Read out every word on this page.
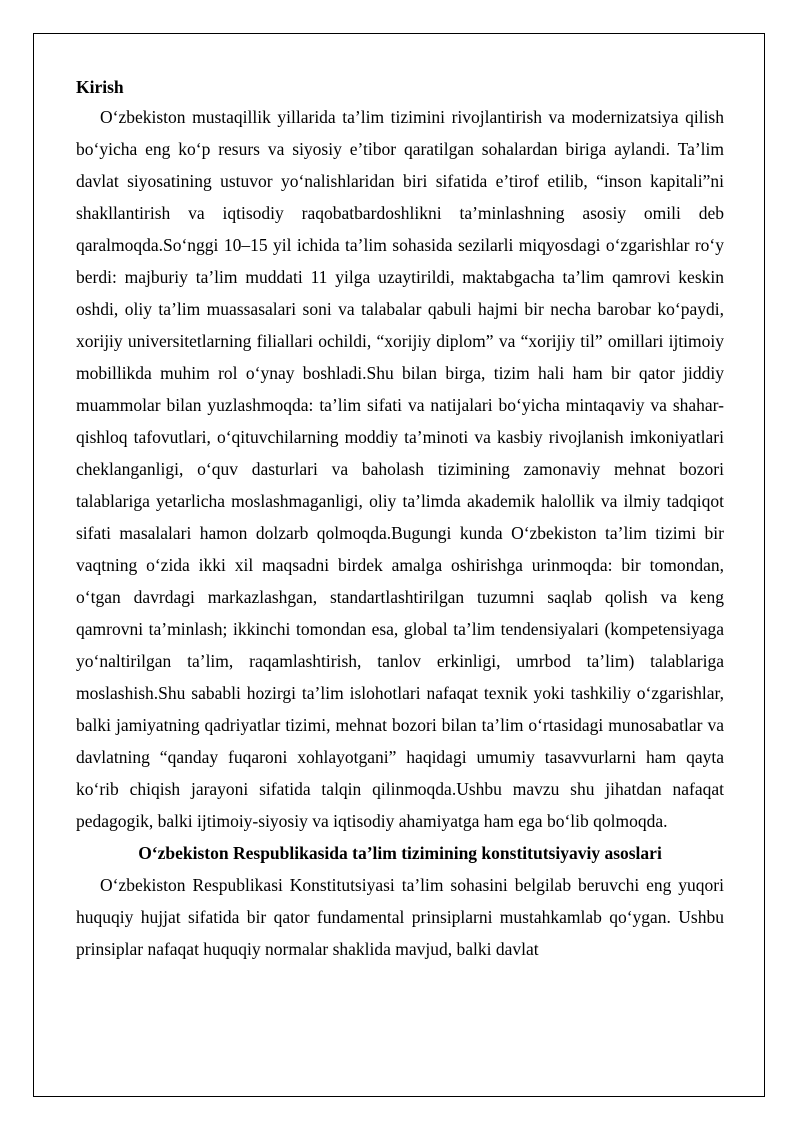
Kirish

O‘zbekiston mustaqillik yillarida ta’lim tizimini rivojlantirish va modernizatsiya qilish bo‘yicha eng ko‘p resurs va siyosiy e’tibor qaratilgan sohalardan biriga aylandi. Ta’lim davlat siyosatining ustuvor yo‘nalishlaridan biri sifatida e’tirof etilib, “inson kapitali”ni shakllantirish va iqtisodiy raqobatbardoshlikni ta’minlashning asosiy omili deb qaralmoqda.So‘nggi 10–15 yil ichida ta’lim sohasida sezilarli miqyosdagi o‘zgarishlar ro‘y berdi: majburiy ta’lim muddati 11 yilga uzaytirildi, maktabgacha ta’lim qamrovi keskin oshdi, oliy ta’lim muassasalari soni va talabalar qabuli hajmi bir necha barobar ko‘paydi, xorijiy universitetlarning filiallari ochildi, “xorijiy diplom” va “xorijiy til” omillari ijtimoiy mobillikda muhim rol o‘ynay boshladi.Shu bilan birga, tizim hali ham bir qator jiddiy muammolar bilan yuzlashmoqda: ta’lim sifati va natijalari bo‘yicha mintaqaviy va shahar-qishloq tafovutlari, o‘qituvchilarning moddiy ta’minoti va kasbiy rivojlanish imkoniyatlari cheklanganligi, o‘quv dasturlari va baholash tizimining zamonaviy mehnat bozori talablariga yetarlicha moslashmaganligi, oliy ta’limda akademik halollik va ilmiy tadqiqot sifati masalalari hamon dolzarb qolmoqda.Bugungi kunda O‘zbekiston ta’lim tizimi bir vaqtning o‘zida ikki xil maqsadni birdek amalga oshirishga urinmoqda: bir tomondan, o‘tgan davrdagi markazlashgan, standartlashtirilgan tuzumni saqlab qolish va keng qamrovni ta’minlash; ikkinchi tomondan esa, global ta’lim tendensiyalari (kompetensiyaga yo‘naltirilgan ta’lim, raqamlashtirish, tanlov erkinligi, umrbod ta’lim) talablariga moslashish.Shu sababli hozirgi ta’lim islohotlari nafaqat texnik yoki tashkiliy o‘zgarishlar, balki jamiyatning qadriyatlar tizimi, mehnat bozori bilan ta’lim o‘rtasidagi munosabatlar va davlatning “qanday fuqaroni xohlayotgani” haqidagi umumiy tasavvurlarni ham qayta ko‘rib chiqish jarayoni sifatida talqin qilinmoqda.Ushbu mavzu shu jihatdan nafaqat pedagogik, balki ijtimoiy-siyosiy va iqtisodiy ahamiyatga ham ega bo‘lib qolmoqda.

O‘zbekiston Respublikasida ta’lim tizimining konstitutsiyaviy asoslari

O‘zbekiston Respublikasi Konstitutsiyasi ta’lim sohasini belgilab beruvchi eng yuqori huquqiy hujjat sifatida bir qator fundamental prinsiplarni mustahkamlab qo‘ygan. Ushbu prinsiplar nafaqat huquqiy normalar shaklida mavjud, balki davlat
